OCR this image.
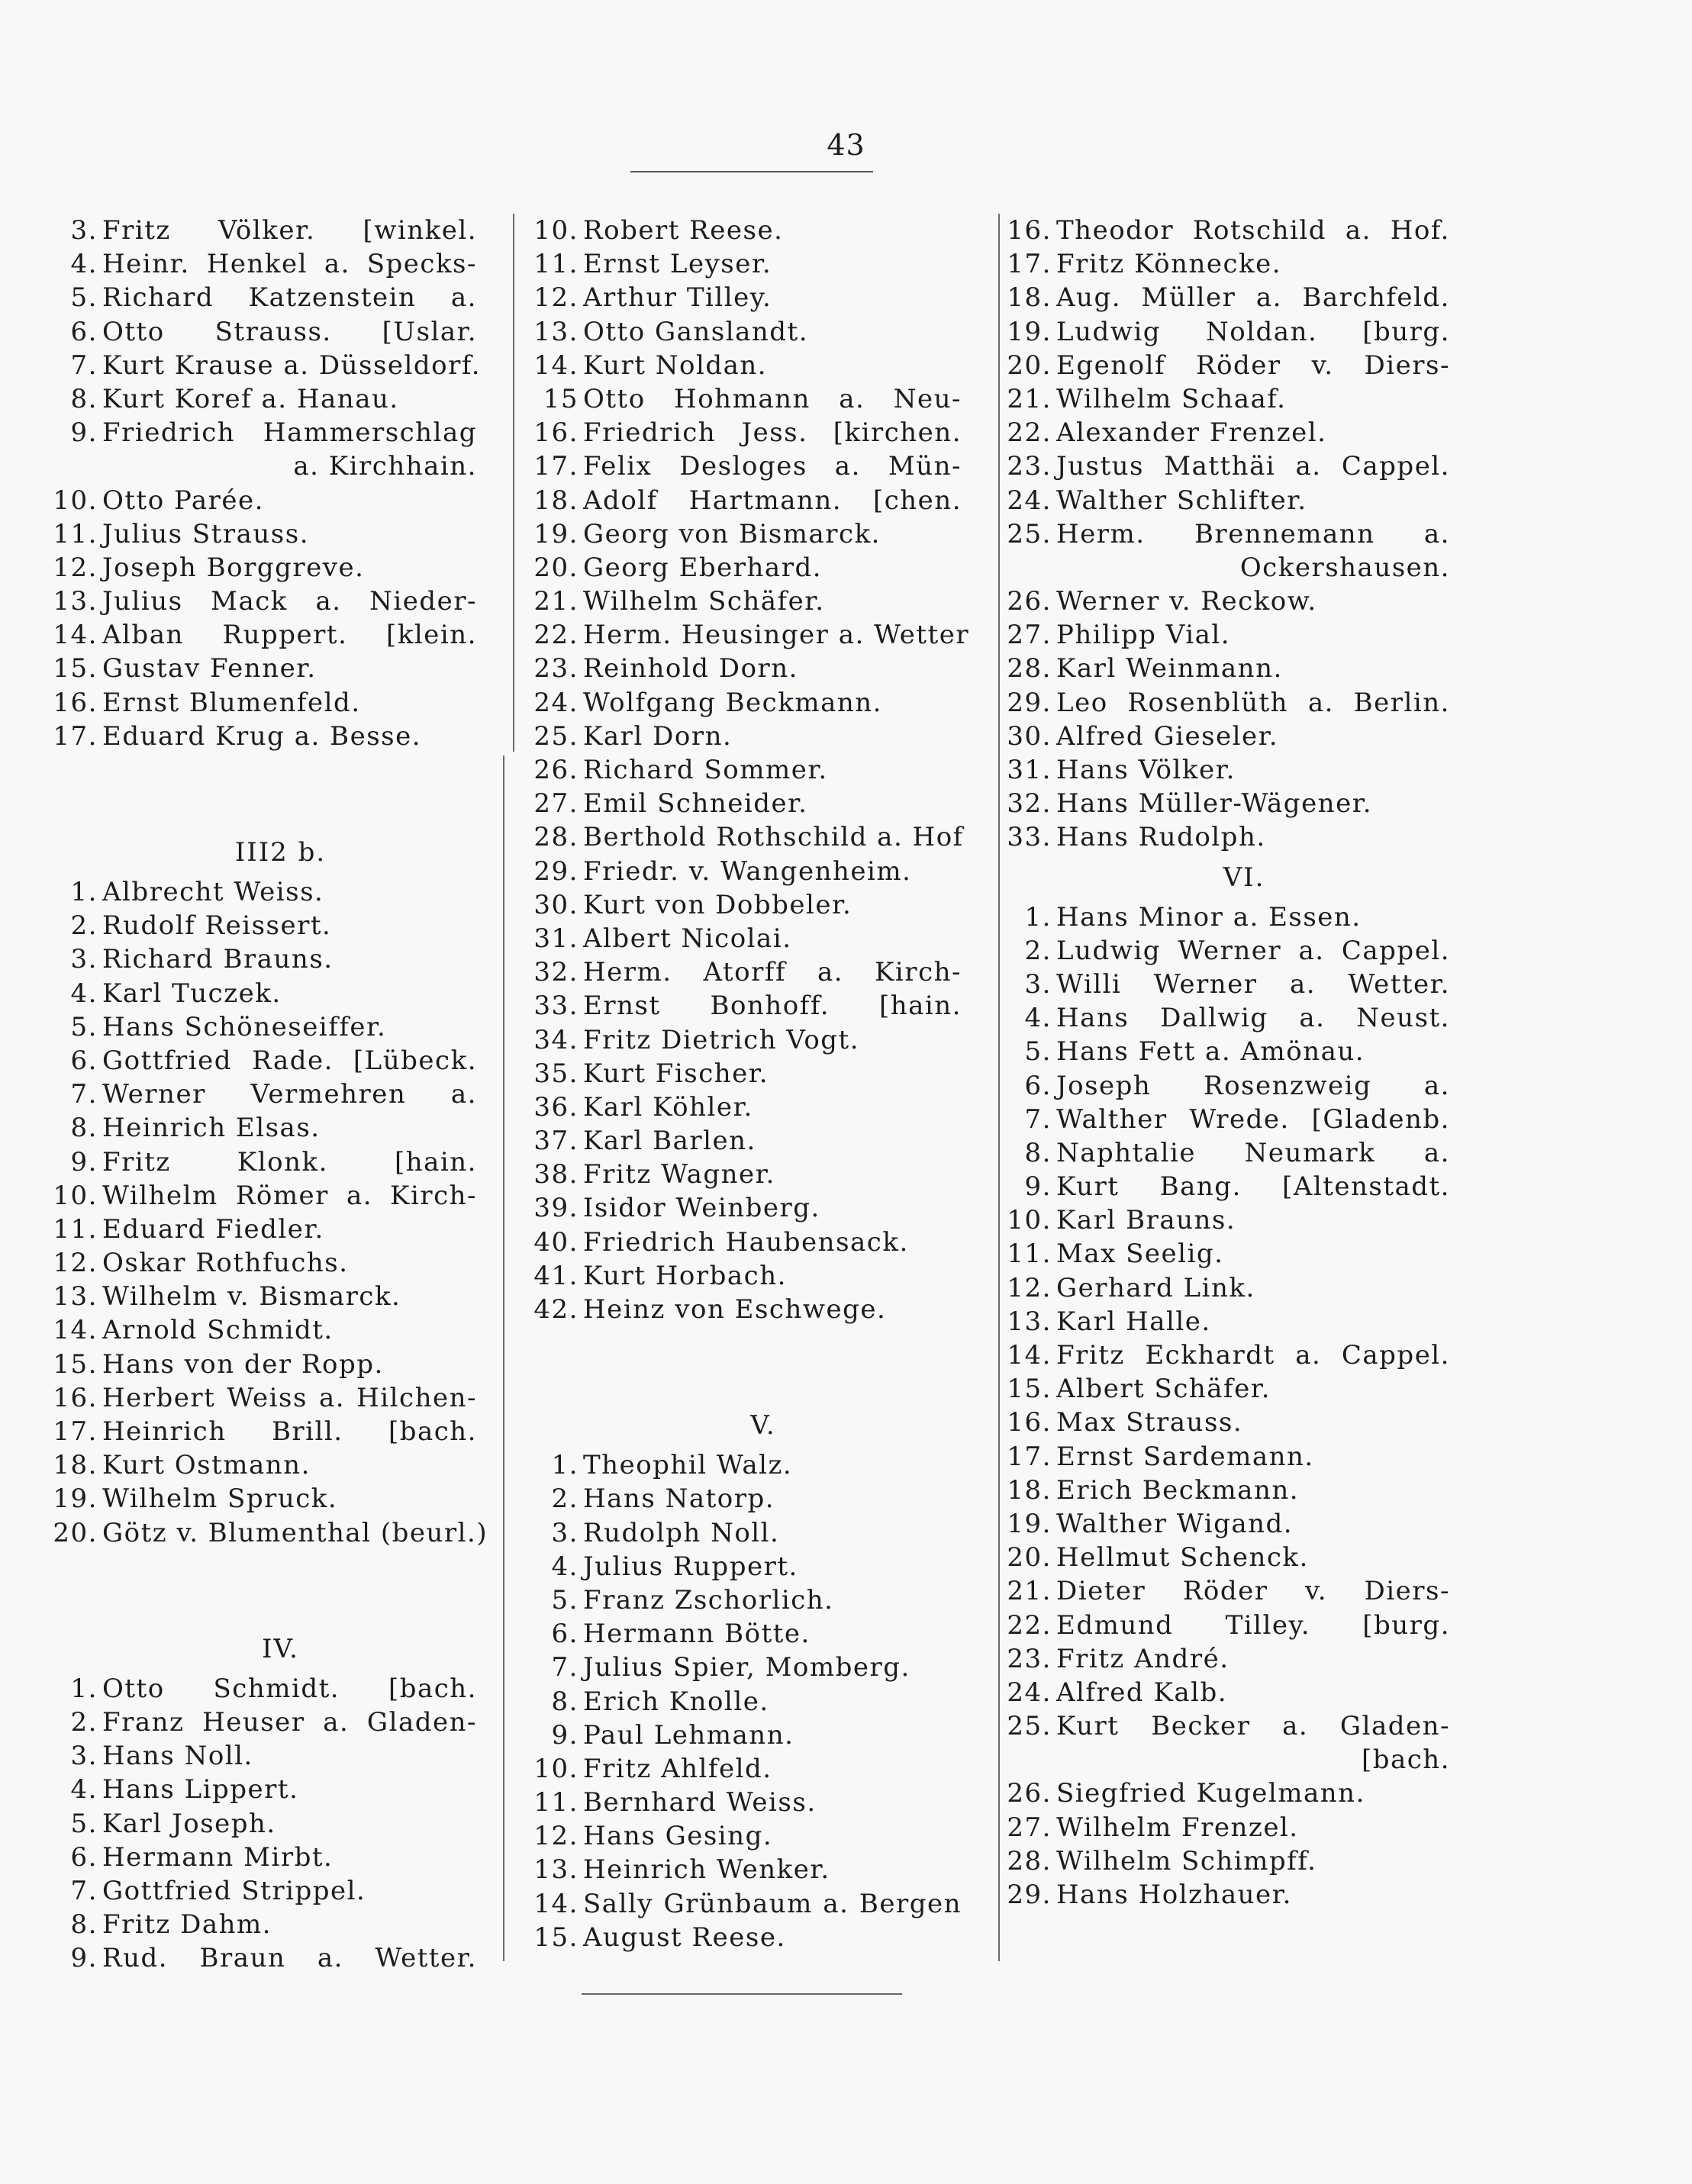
43
3. Fritz Völker. [winkel.
4. Heinr. Henkel a. Specks-
5. Richard Katzenstein a.
6. Otto Strauss. [Uslar.
7. Kurt Krause a. Düsseldorf.
8. Kurt Koref a. Hanau.
9. Friedrich Hammerschlag
a. Kirchhain.
10. Otto Parée.
11. Julius Strauss.
12. Joseph Borggreve.
13. Julius Mack a. Nieder-
14. Alban Ruppert. [klein.
15. Gustav Fenner.
16. Ernst Blumenfeld.
17. Eduard Krug a. Besse.
III2 b.
1. Albrecht Weiss.
2. Rudolf Reissert.
3. Richard Brauns.
4. Karl Tuczek.
5. Hans Schöneseiffer.
6. Gottfried Rade. [Lübeck.
7. Werner Vermehren a.
8. Heinrich Elsas.
9. Fritz Klonk. [hain.
10. Wilhelm Römer a. Kirch-
11. Eduard Fiedler.
12. Oskar Rothfuchs.
13. Wilhelm v. Bismarck.
14. Arnold Schmidt.
15. Hans von der Ropp.
16. Herbert Weiss a. Hilchen-
17. Heinrich Brill. [bach.
18. Kurt Ostmann.
19. Wilhelm Spruck.
20. Götz v. Blumenthal (beurl.)
IV.
1. Otto Schmidt. [bach.
2. Franz Heuser a. Gladen-
3. Hans Noll.
4. Hans Lippert.
5. Karl Joseph.
6. Hermann Mirbt.
7. Gottfried Strippel.
8. Fritz Dahm.
9. Rud. Braun a. Wetter.
10. Robert Reese.
11. Ernst Leyser.
12. Arthur Tilley.
13. Otto Ganslandt.
14. Kurt Noldan.
15 Otto Hohmann a. Neu-
16. Friedrich Jess. [kirchen.
17. Felix Desloges a. Mün-
18. Adolf Hartmann. [chen.
19. Georg von Bismarck.
20. Georg Eberhard.
21. Wilhelm Schäfer.
22. Herm. Heusinger a. Wetter
23. Reinhold Dorn.
24. Wolfgang Beckmann.
25. Karl Dorn.
26. Richard Sommer.
27. Emil Schneider.
28. Berthold Rothschild a. Hof
29. Friedr. v. Wangenheim.
30. Kurt von Dobbeler.
31. Albert Nicolai.
32. Herm. Atorff a. Kirch-
33. Ernst Bonhoff. [hain.
34. Fritz Dietrich Vogt.
35. Kurt Fischer.
36. Karl Köhler.
37. Karl Barlen.
38. Fritz Wagner.
39. Isidor Weinberg.
40. Friedrich Haubensack.
41. Kurt Horbach.
42. Heinz von Eschwege.
V.
1. Theophil Walz.
2. Hans Natorp.
3. Rudolph Noll.
4. Julius Ruppert.
5. Franz Zschorlich.
6. Hermann Bötte.
7. Julius Spier, Momberg.
8. Erich Knolle.
9. Paul Lehmann.
10. Fritz Ahlfeld.
11. Bernhard Weiss.
12. Hans Gesing.
13. Heinrich Wenker.
14. Sally Grünbaum a. Bergen
15. August Reese.
16. Theodor Rotschild a. Hof.
17. Fritz Könnecke.
18. Aug. Müller a. Barchfeld.
19. Ludwig Noldan. [burg.
20. Egenolf Röder v. Diers-
21. Wilhelm Schaaf.
22. Alexander Frenzel.
23. Justus Matthäi a. Cappel.
24. Walther Schlifter.
25. Herm. Brennemann a.
Ockershausen.
26. Werner v. Reckow.
27. Philipp Vial.
28. Karl Weinmann.
29. Leo Rosenblüth a. Berlin.
30. Alfred Gieseler.
31. Hans Völker.
32. Hans Müller-Wägener.
33. Hans Rudolph.
VI.
1. Hans Minor a. Essen.
2. Ludwig Werner a. Cappel.
3. Willi Werner a. Wetter.
4. Hans Dallwig a. Neust.
5. Hans Fett a. Amönau.
6. Joseph Rosenzweig a.
7. Walther Wrede. [Gladenb.
8. Naphtalie Neumark a.
9. Kurt Bang. [Altenstadt.
10. Karl Brauns.
11. Max Seelig.
12. Gerhard Link.
13. Karl Halle.
14. Fritz Eckhardt a. Cappel.
15. Albert Schäfer.
16. Max Strauss.
17. Ernst Sardemann.
18. Erich Beckmann.
19. Walther Wigand.
20. Hellmut Schenck.
21. Dieter Röder v. Diers-
22. Edmund Tilley. [burg.
23. Fritz André.
24. Alfred Kalb.
25. Kurt Becker a. Gladen-
[bach.
26. Siegfried Kugelmann.
27. Wilhelm Frenzel.
28. Wilhelm Schimpff.
29. Hans Holzhauer.
